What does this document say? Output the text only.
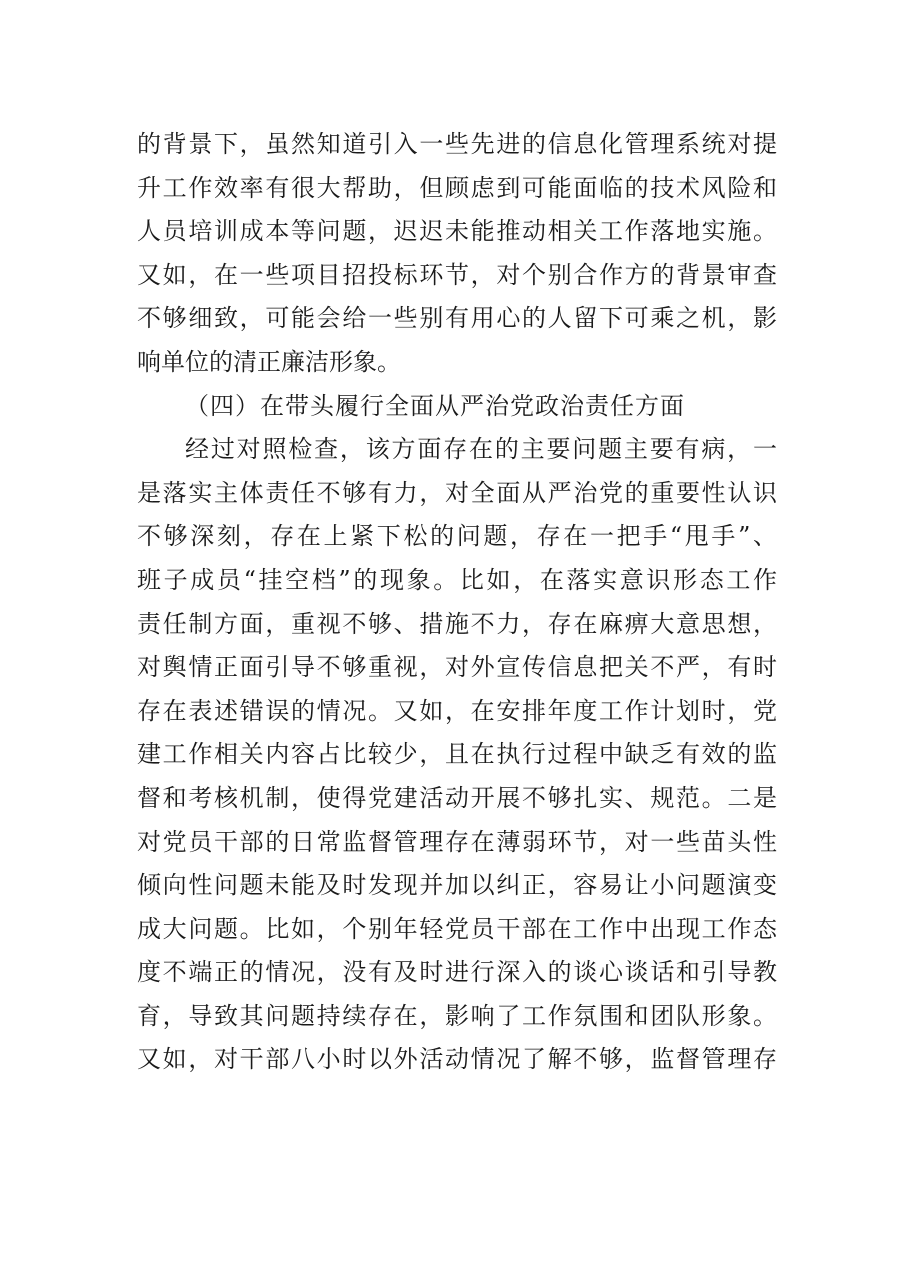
的背景下，虽然知道引入一些先进的信息化管理系统对提
升工作效率有很大帮助，但顾虑到可能面临的技术风险和
人员培训成本等问题，迟迟未能推动相关工作落地实施。
又如，在一些项目招投标环节，对个别合作方的背景审查
不够细致，可能会给一些别有用心的人留下可乘之机，影
响单位的清正廉洁形象。
（四）在带头履行全面从严治党政治责任方面
经过对照检查，该方面存在的主要问题主要有病，一
是落实主体责任不够有力，对全面从严治党的重要性认识
不够深刻，存在上紧下松的问题，存在一把手“甩手”、
班子成员“挂空档”的现象。比如，在落实意识形态工作
责任制方面，重视不够、措施不力，存在麻痹大意思想，
对舆情正面引导不够重视，对外宣传信息把关不严，有时
存在表述错误的情况。又如，在安排年度工作计划时，党
建工作相关内容占比较少，且在执行过程中缺乏有效的监
督和考核机制，使得党建活动开展不够扎实、规范。二是
对党员干部的日常监督管理存在薄弱环节，对一些苗头性
倾向性问题未能及时发现并加以纠正，容易让小问题演变
成大问题。比如，个别年轻党员干部在工作中出现工作态
度不端正的情况，没有及时进行深入的谈心谈话和引导教
育，导致其问题持续存在，影响了工作氛围和团队形象。
又如，对干部八小时以外活动情况了解不够，监督管理存
